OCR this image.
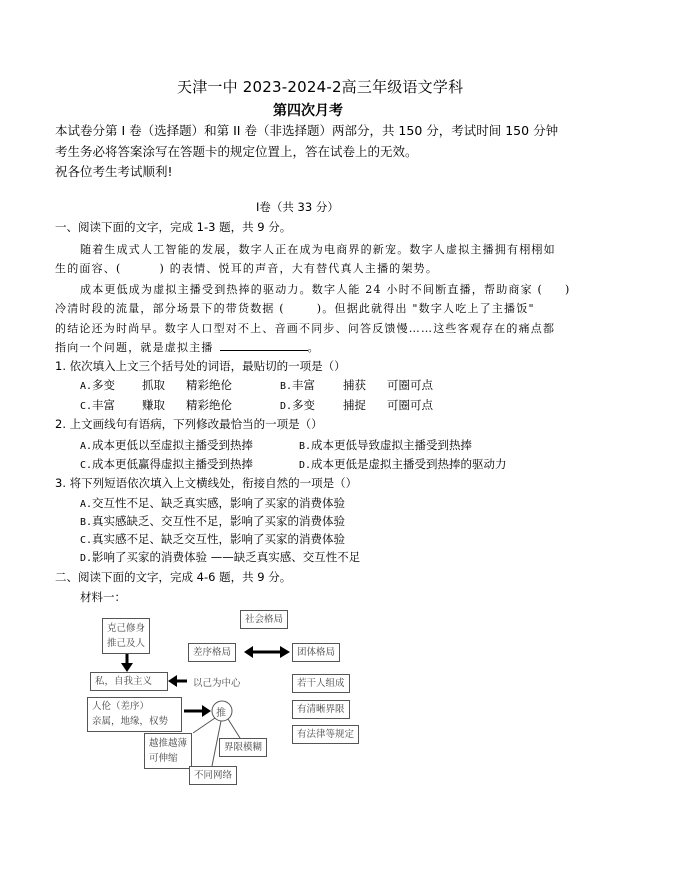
天津一中 2023-2024-2高三年级语文学科
第四次月考
本试卷分第 I 卷（选择题）和第 II 卷（非选择题）两部分，共 150 分，考试时间 150 分钟
考生务必将答案涂写在答题卡的规定位置上，答在试卷上的无效。
祝各位考生考试顺利!
I卷（共 33 分）
一、阅读下面的文字，完成 1-3 题，共 9 分。
随着生成式人工智能的发展，数字人正在成为电商界的新宠。数字人虚拟主播拥有栩栩如
生的面容、(	) 的表情、悦耳的声音，大有替代真人主播的架势。
成本更低成为虚拟主播受到热捧的驱动力。数字人能 24 小时不间断直播，帮助商家 ( )
冷清时段的流量，部分场景下的带货数据 (	)。但据此就得出 "数字人吃上了主播饭"
的结论还为时尚早。数字人口型对不上、音画不同步、问答反馈慢……这些客观存在的痛点都
指向一个问题，就是虚拟主播	。
1. 依次填入上文三个括号处的词语，最贴切的一项是（）
A.多变 抓取 精彩绝伦	B.丰富 捕获 可圈可点
C.丰富 赚取 精彩绝伦	D.多变 捕捉 可圈可点
2. 上文画线句有语病，下列修改最恰当的一项是（）
A.成本更低以至虚拟主播受到热捧	B.成本更低导致虚拟主播受到热捧
C.成本更低赢得虚拟主播受到热捧	D.成本更低是虚拟主播受到热捧的驱动力
3. 将下列短语依次填入上文横线处，衔接自然的一项是（）
A.交互性不足、缺乏真实感，影响了买家的消费体验
B.真实感缺乏、交互性不足，影响了买家的消费体验
C.真实感不足、缺乏交互性，影响了买家的消费体验
D.影响了买家的消费体验 ——缺乏真实感、交互性不足
二、阅读下面的文字，完成 4-6 题，共 9 分。
材料一：
克己修身
推己及人
私，自我主义	以己为中心
社会格局
差序格局	团体格局
若干人组成
有清晰界限
有法律等规定
人伦（差序）
亲属，地缘，权势
推
越推越薄
可伸缩
界限模糊
不同网络
